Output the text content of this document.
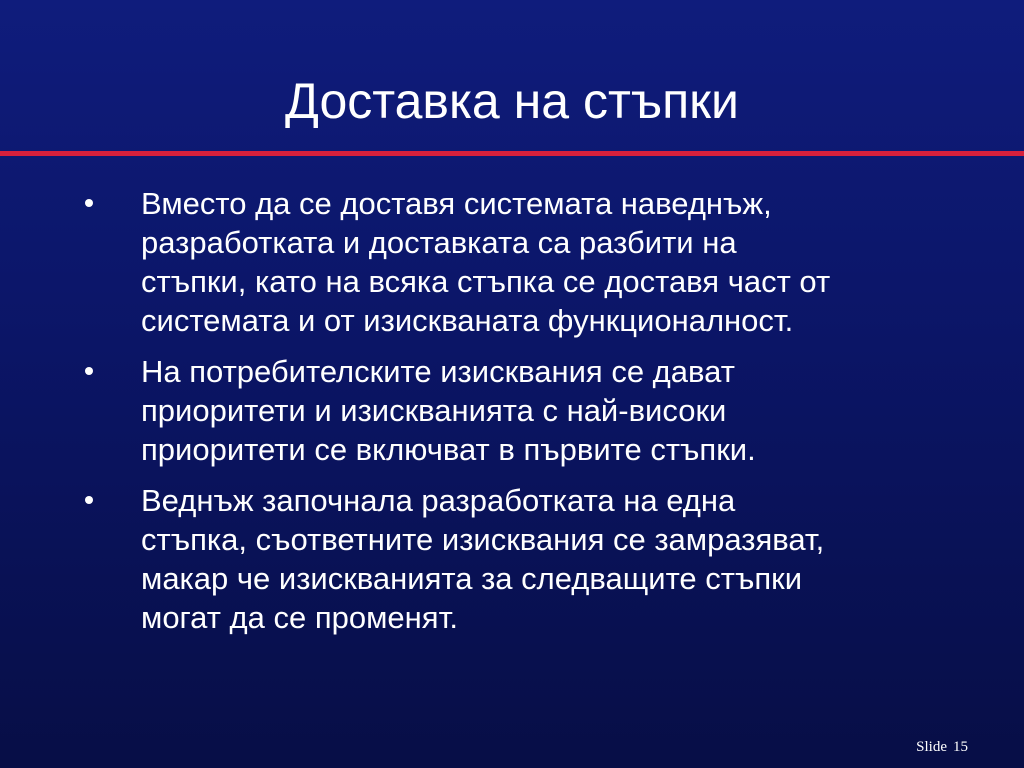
Доставка на стъпки
Вместо да се доставя системата наведнъж,
разработката и доставката са разбити на
стъпки, като на всяка стъпка се доставя част от
системата и от изискваната функционалност.
На потребителските изисквания се дават
приоритети и изискванията с най-високи
приоритети се включват в първите стъпки.
Веднъж започнала разработката на една
стъпка, съответните изисквания се замразяват,
макар че изискванията за следващите стъпки
могат да се променят.
Slide 15
